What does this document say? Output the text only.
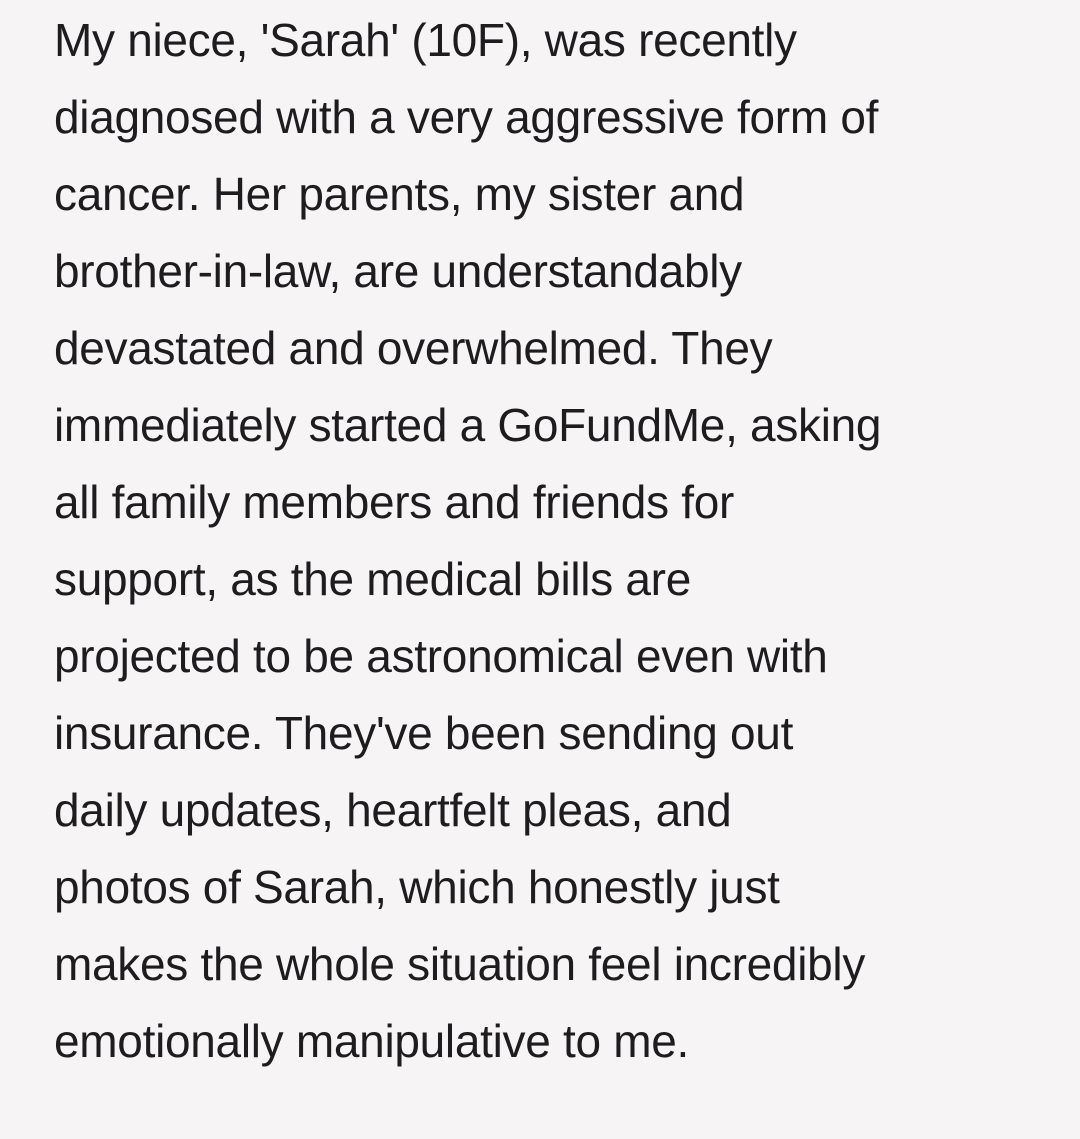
My niece, 'Sarah' (10F), was recently
diagnosed with a very aggressive form of
cancer. Her parents, my sister and
brother-in-law, are understandably
devastated and overwhelmed. They
immediately started a GoFundMe, asking
all family members and friends for
support, as the medical bills are
projected to be astronomical even with
insurance. They've been sending out
daily updates, heartfelt pleas, and
photos of Sarah, which honestly just
makes the whole situation feel incredibly
emotionally manipulative to me.
